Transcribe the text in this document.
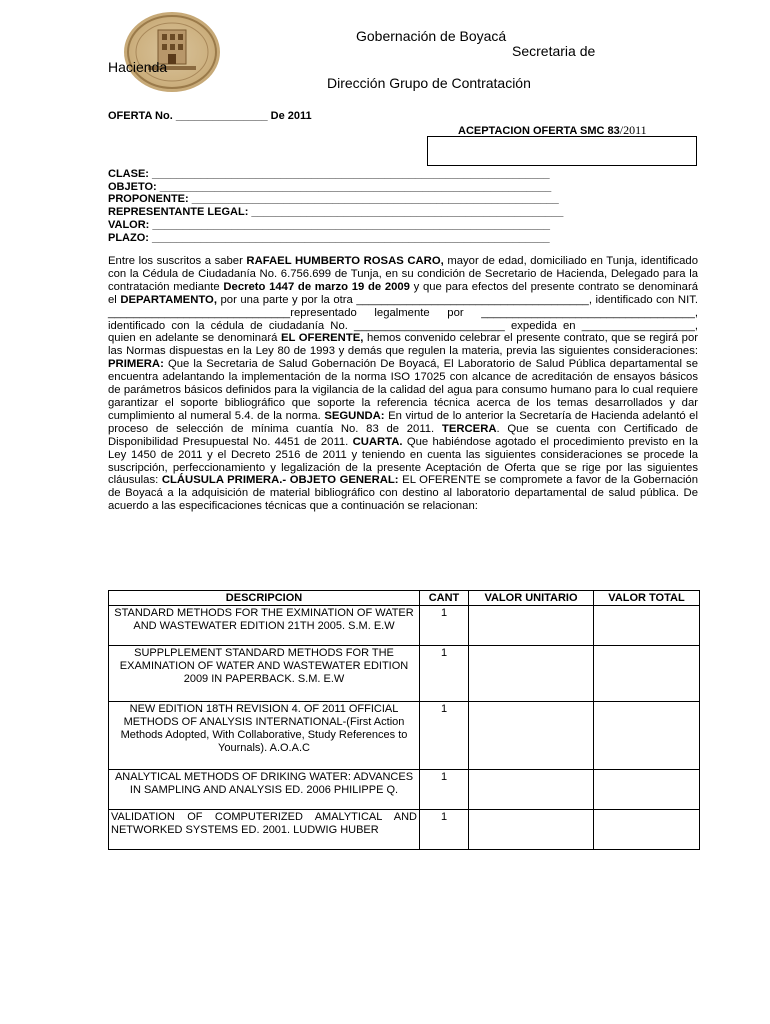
Gobernación de Boyacá
Secretaria de
Hacienda
Dirección Grupo de Contratación
OFERTA No. _______________ De 2011
ACEPTACION OFERTA SMC 83/2011
CLASE: _________________________________________________________________
OBJETO: ________________________________________________________________
PROPONENTE: ____________________________________________________________
REPRESENTANTE LEGAL: ___________________________________________________
VALOR: _________________________________________________________________
PLAZO: _________________________________________________________________

Entre los suscritos a saber RAFAEL HUMBERTO ROSAS CARO, mayor de edad, domiciliado en Tunja, identificado con la Cédula de Ciudadanía No. 6.756.699 de Tunja, en su condición de Secretario de Hacienda, Delegado para la contratación mediante Decreto 1447 de marzo 19 de 2009 y que para efectos del presente contrato se denominará el DEPARTAMENTO, por una parte y por la otra _____________________________________, identificado con NIT. _____________________________representado legalmente por __________________________________, identificado con la cédula de ciudadanía No. ________________________ expedida en __________________, quien en adelante se denominará EL OFERENTE, hemos convenido celebrar el presente contrato, que se regirá por las Normas dispuestas en la Ley 80 de 1993 y demás que regulen la materia, previa las siguientes consideraciones: PRIMERA: Que la Secretaria de Salud Gobernación De Boyacá, El Laboratorio de Salud Pública departamental se encuentra adelantando la implementación de la norma ISO 17025 con alcance de acreditación de ensayos básicos de parámetros básicos definidos para la vigilancia de la calidad del agua para consumo humano para lo cual requiere garantizar el soporte bibliográfico que soporte la referencia técnica acerca de los temas desarrollados y dar cumplimiento al numeral 5.4. de la norma. SEGUNDA: En virtud de lo anterior la Secretaría de Hacienda adelantó el proceso de selección de mínima cuantía No. 83 de 2011. TERCERA. Que se cuenta con Certificado de Disponibilidad Presupuestal No. 4451 de 2011. CUARTA. Que habiéndose agotado el procedimiento previsto en la Ley 1450 de 2011 y el Decreto 2516 de 2011 y teniendo en cuenta las siguientes consideraciones se procede la suscripción, perfeccionamiento y legalización de la presente Aceptación de Oferta que se rige por las siguientes cláusulas: CLÁUSULA PRIMERA.- OBJETO GENERAL: EL OFERENTE se compromete a favor de la Gobernación de Boyacá a la adquisición de material bibliográfico con destino al laboratorio departamental de salud pública. De acuerdo a las especificaciones técnicas que a continuación se relacionan:

DESCRIPCION	CANT	VALOR UNITARIO	VALOR TOTAL
STANDARD METHODS FOR THE EXMINATION OF WATER AND WASTEWATER EDITION 21TH 2005. S.M. E.W	1		
SUPPLPLEMENT STANDARD METHODS FOR THE EXAMINATION OF WATER AND WASTEWATER EDITION 2009 IN PAPERBACK. S.M. E.W	1		
NEW EDITION 18TH REVISION 4. OF 2011 OFFICIAL METHODS OF ANALYSIS INTERNATIONAL-(First Action Methods Adopted, With Collaborative, Study References to Yournals). A.O.A.C	1		
ANALYTICAL METHODS OF DRIKING WATER: ADVANCES IN SAMPLING AND ANALYSIS ED. 2006 PHILIPPE Q.	1		
VALIDATION OF COMPUTERIZED AMALYTICAL AND NETWORKED SYSTEMS ED. 2001. LUDWIG HUBER	1		
